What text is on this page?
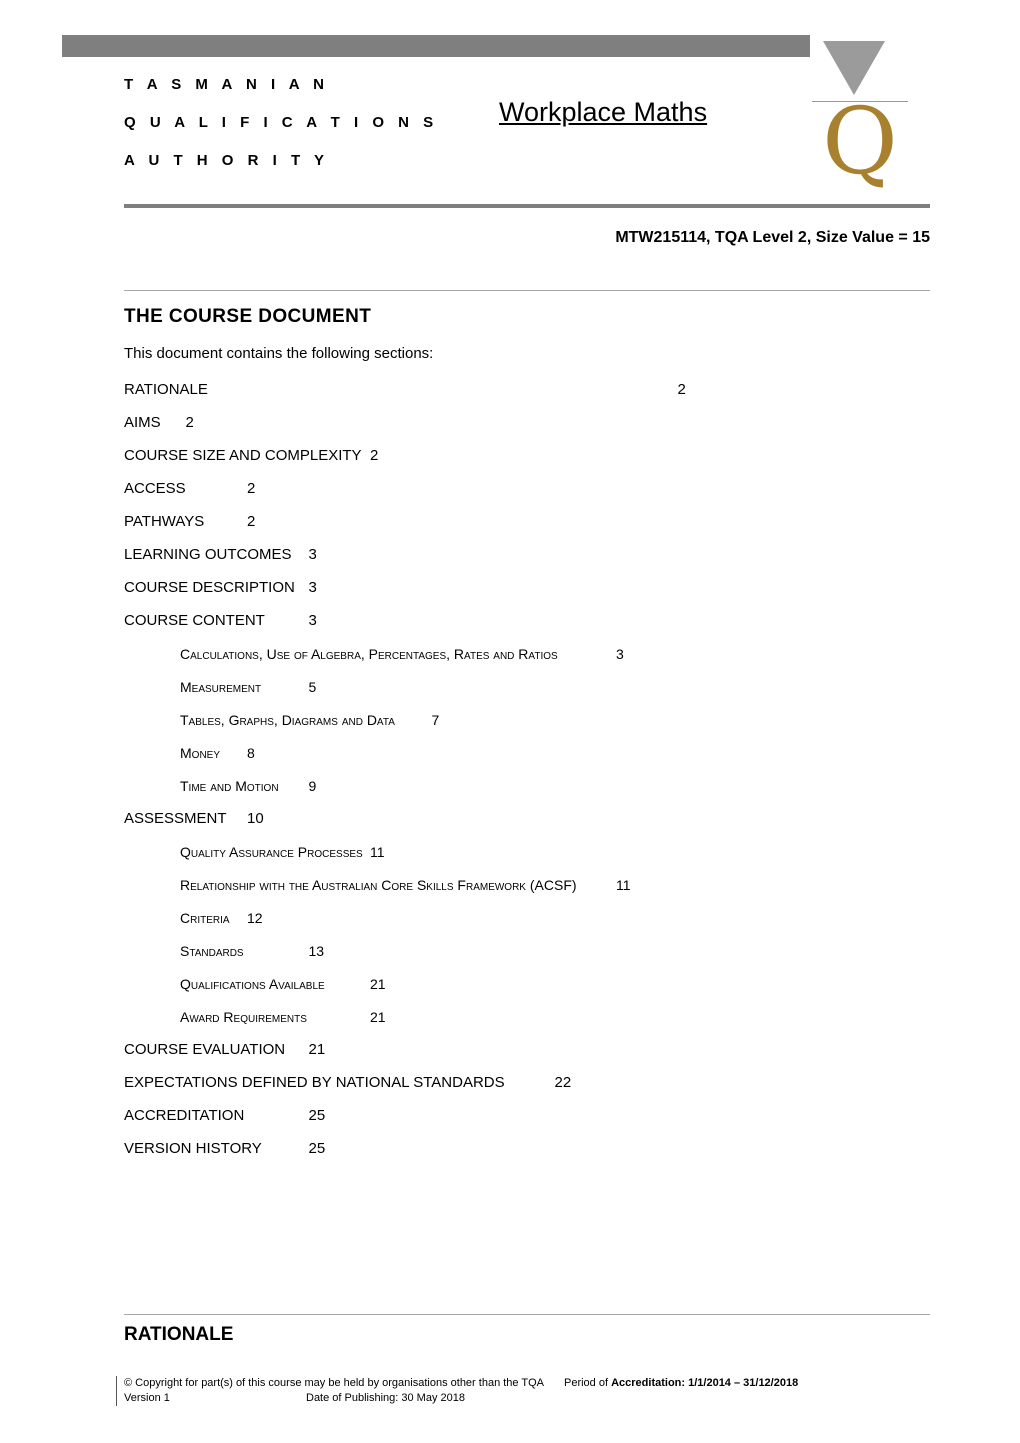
Q
T A S M A N I A N
Q U A L I F I C A T I O N S
A U T H O R I T Y
Workplace Maths
MTW215114, TQA Level 2, Size Value = 15
THE COURSE DOCUMENT
This document contains the following sections:
RATIONALE	2
AIMS 2
COURSE SIZE AND COMPLEXITY 2
ACCESS	2
PATHWAYS	2
LEARNING OUTCOMES 3
COURSE DESCRIPTION 3
COURSE CONTENT	3
Calculations, Use of Algebra, Percentages, Rates and Ratios	3
Measurement	5
Tables, Graphs, Diagrams and Data	7
Money 8
Time and Motion 9
ASSESSMENT 10
Quality Assurance Processes 11
Relationship with the Australian Core Skills Framework (ACSF)	11
Criteria 12
Standards	13
Qualifications Available	21
Award Requirements	21
COURSE EVALUATION 21
EXPECTATIONS DEFINED BY NATIONAL STANDARDS	22
ACCREDITATION	25
VERSION HISTORY	25
RATIONALE
© Copyright for part(s) of this course may be held by organisations other than the TQA Period of Accreditation: 1/1/2014 – 31/12/2018
Version 1	Date of Publishing: 30 May 2018
